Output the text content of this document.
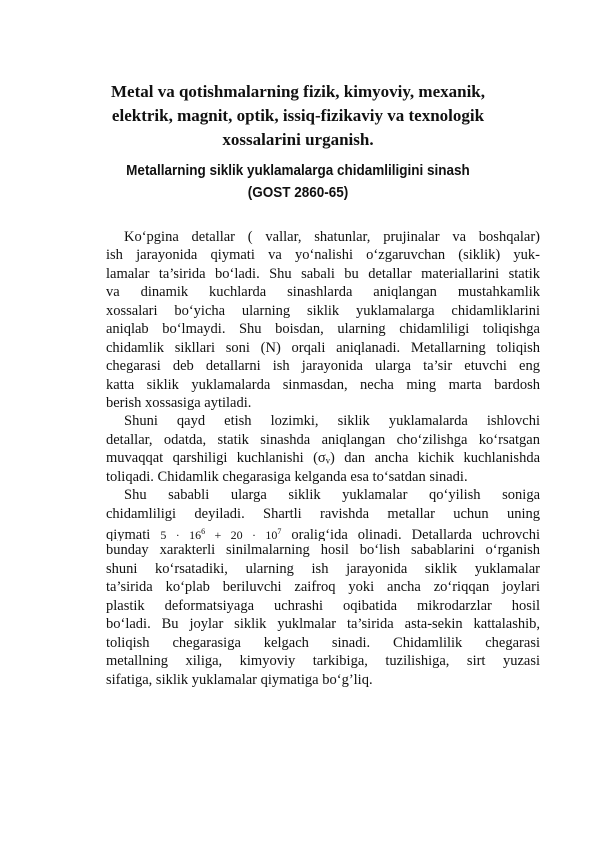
Metal va qotishmalarning fizik, kimyoviy, mexanik,
elektrik, magnit, optik, issiq-fizikaviy va texnologik
xossalarini urganish.
Metallarning siklik yuklamalarga chidamliligini sinash
(GOST 2860-65)
Ko‘pgina detallar ( vallar, shatunlar, prujinalar va boshqalar)
ish jarayonida qiymati va yo‘nalishi o‘zgaruvchan (siklik) yuk-
lamalar ta’sirida bo‘ladi. Shu sabali bu detallar materiallarini statik
va dinamik kuchlarda sinashlarda aniqlangan mustahkamlik
xossalari bo‘yicha ularning siklik yuklamalarga chidamliklarini
aniqlab bo‘lmaydi. Shu boisdan, ularning chidamliligi toliqishga
chidamlik sikllari soni (N) orqali aniqlanadi. Metallarning toliqish
chegarasi deb detallarni ish jarayonida ularga ta’sir etuvchi eng
katta siklik yuklamalarda sinmasdan, necha ming marta bardosh
berish xossasiga aytiladi.
Shuni qayd etish lozimki, siklik yuklamalarda ishlovchi
detallar, odatda, statik sinashda aniqlangan cho‘zilishga ko‘rsatgan
muvaqqat qarshiligi kuchlanishi (σᵥ) dan ancha kichik kuchlanishda
toliqadi. Chidamlik chegarasiga kelganda esa to‘satdan sinadi.
Shu sababli ularga siklik yuklamalar qo‘yilish soniga
chidamliligi deyiladi. Shartli ravishda metallar uchun uning
qiymati $5 \cdot 16^6 + 20 \cdot 10^7$ oralig‘ida olinadi. Detallarda uchrovchi
bunday xarakterli sinilmalarning hosil bo‘lish sabablarini o‘rganish
shuni ko‘rsatadiki, ularning ish jarayonida siklik yuklamalar
ta’sirida ko‘plab beriluvchi zaifroq yoki ancha zo‘riqqan joylari
plastik deformatsiyaga uchrashi oqibatida mikrodarzlar hosil
bo‘ladi. Bu joylar siklik yuklmalar ta’sirida asta-sekin kattalashib,
toliqish chegarasiga kelgach sinadi. Chidamlilik chegarasi
metallning xiliga, kimyoviy tarkibiga, tuzilishiga, sirt yuzasi
sifatiga, siklik yuklamalar qiymatiga bo‘g’liq.
